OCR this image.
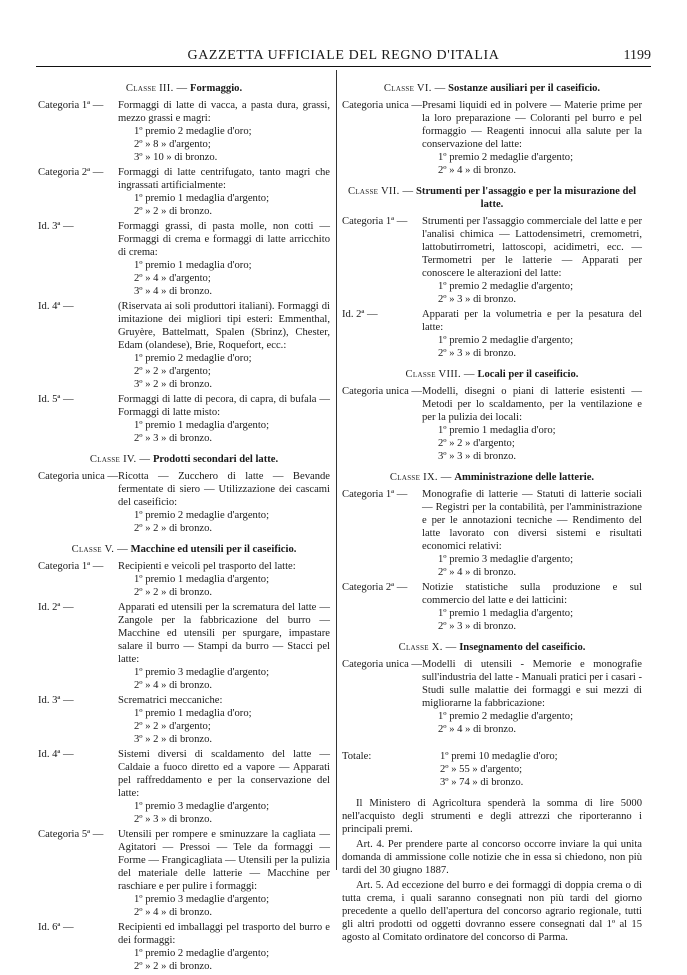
GAZZETTA UFFICIALE DEL REGNO D'ITALIA	1199
Classe III. — Formaggio.
Categoria 1ª — Formaggi di latte di vacca, a pasta dura, grassi, mezzo grassi e magri:
1º premio 2 medaglie d'oro;
2º » 8 » d'argento;
3º » 10 » di bronzo.
Categoria 2ª — Formaggi di latte centrifugato, tanto magri che ingrassati artificialmente:
1º premio 1 medaglia d'argento;
2º » 2 » di bronzo.
Id. 3ª —	Formaggi grassi, di pasta molle, non cotti — Formaggi di crema e formaggi di latte arricchito di crema:
1º premio 1 medaglia d'oro;
2º » 4 » d'argento;
3º » 4 » di bronzo.
Id. 4ª —	(Riservata ai soli produttori italiani). Formaggi di imitazione dei migliori tipi esteri: Emmenthal, Gruyère, Battelmatt, Spalen (Sbrinz), Chester, Edam (olandese), Brie, Roquefort, ecc.:
1º premio 2 medaglie d'oro;
2º » 2 » d'argento;
3º » 2 » di bronzo.
Id. 5ª —	Formaggi di latte di pecora, di capra, di bufala — Formaggi di latte misto:
1º premio 1 medaglia d'argento;
2º » 3 » di bronzo.
Classe IV. — Prodotti secondari del latte.
Categoria unica — Ricotta — Zucchero di latte — Bevande fermentate di siero — Utilizzazione dei cascami del caseificio:
1º premio 2 medaglie d'argento;
2º » 2 » di bronzo.
Classe V. — Macchine ed utensili per il caseificio.
Categoria 1ª — Recipienti e veicoli pel trasporto del latte:
1º premio 1 medaglia d'argento;
2º » 2 » di bronzo.
Id. 2ª —	Apparati ed utensili per la scrematura del latte — Zangole per la fabbricazione del burro — Macchine ed utensili per spurgare, impastare salare il burro — Stampi da burro — Stacci pel latte:
1º premio 3 medaglie d'argento;
2º » 4 » di bronzo.
Id. 3ª —	Scrematrici meccaniche:
1º premio 1 medaglia d'oro;
2º » 2 » d'argento;
3º » 2 » di bronzo.
Id. 4ª —	Sistemi diversi di scaldamento del latte — Caldaie a fuoco diretto ed a vapore — Apparati pel raffreddamento e per la conservazione del latte:
1º premio 3 medaglie d'argento;
2º » 3 » di bronzo.
Categoria 5ª — Utensili per rompere e sminuzzare la cagliata — Agitatori — Pressoi — Tele da formaggi — Forme — Frangicagliata — Utensili per la pulizia del materiale delle latterie — Macchine per raschiare e per pulire i formaggi:
1º premio 3 medaglie d'argento;
2º » 4 » di bronzo.
Id. 6ª —	Recipienti ed imballaggi pel trasporto del burro e dei formaggi:
1º premio 2 medaglie d'argento;
2º » 2 » di bronzo.
Classe VI. — Sostanze ausiliari per il caseificio.
Categoria unica — Presami liquidi ed in polvere — Materie prime per la loro preparazione — Coloranti pel burro e pel formaggio — Reagenti innocui alla salute per la conservazione del latte:
1º premio 2 medaglie d'argento;
2º » 4 » di bronzo.
Classe VII. — Strumenti per l'assaggio e per la misurazione del latte.
Categoria 1ª — Strumenti per l'assaggio commerciale del latte e per l'analisi chimica — Lattodensimetri, cremometri, lattobutirrometri, lattoscopi, acidimetri, ecc. — Termometri per le latterie — Apparati per conoscere le alterazioni del latte:
1º premio 2 medaglie d'argento;
2º » 3 » di bronzo.
Id. 2ª —	Apparati per la volumetria e per la pesatura del latte:
1º premio 2 medaglie d'argento;
2º » 3 » di bronzo.
Classe VIII. — Locali per il caseificio.
Categoria unica — Modelli, disegni o piani di latterie esistenti — Metodi per lo scaldamento, per la ventilazione e per la pulizia dei locali:
1º premio 1 medaglia d'oro;
2º » 2 » d'argento;
3º » 3 » di bronzo.
Classe IX. — Amministrazione delle latterie.
Categoria 1ª — Monografie di latterie — Statuti di latterie sociali — Registri per la contabilità, per l'amministrazione e per le annotazioni tecniche — Rendimento del latte lavorato con diversi sistemi e risultati economici relativi:
1º premio 3 medaglie d'argento;
2º » 4 » di bronzo.
Categoria 2ª — Notizie statistiche sulla produzione e sul commercio del latte e dei latticini:
1º premio 1 medaglia d'argento;
2º » 3 » di bronzo.
Classe X. — Insegnamento del caseificio.
Categoria unica — Modelli di utensili - Memorie e monografie sull'industria del latte - Manuali pratici per i casari - Studi sulle malattie dei formaggi e sui mezzi di migliorarne la fabbricazione:
1º premio 2 medaglie d'argento;
2º » 4 » di bronzo.
Totale:	1º premi 10 medaglie d'oro;
2º » 55 » d'argento;
3º » 74 » di bronzo.
Il Ministero di Agricoltura spenderà la somma di lire 5000 nell'acquisto degli strumenti e degli attrezzi che riporteranno i principali premi.
Art. 4. Per prendere parte al concorso occorre inviare la qui unita domanda di ammissione colle notizie che in essa si chiedono, non più tardi del 30 giugno 1887.
Art. 5. Ad eccezione del burro e dei formaggi di doppia crema o di tutta crema, i quali saranno consegnati non più tardi del giorno precedente a quello dell'apertura del concorso agrario regionale, tutti gli altri prodotti od oggetti dovranno essere consegnati dal 1º al 15 agosto al Comitato ordinatore del concorso di Parma.
